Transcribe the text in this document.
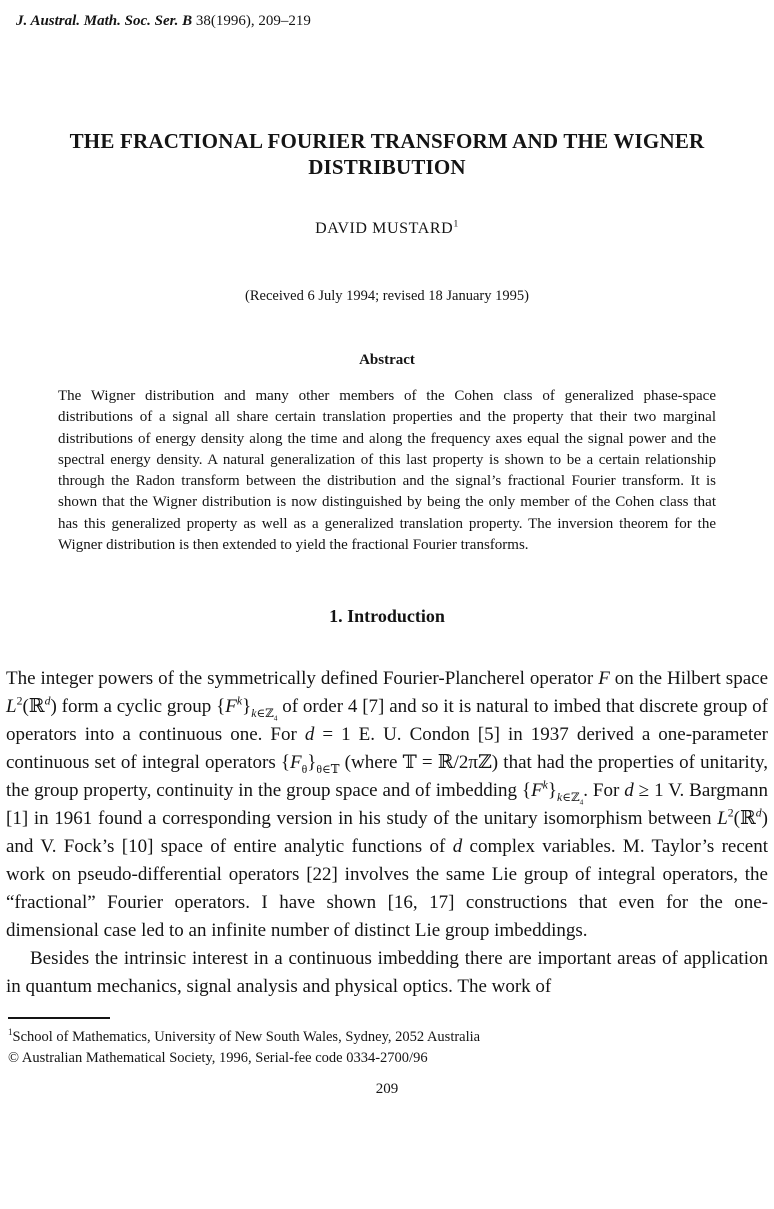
J. Austral. Math. Soc. Ser. B 38(1996), 209–219
THE FRACTIONAL FOURIER TRANSFORM AND THE WIGNER DISTRIBUTION
DAVID MUSTARD$^1$
(Received 6 July 1994; revised 18 January 1995)
Abstract
The Wigner distribution and many other members of the Cohen class of generalized phase-space distributions of a signal all share certain translation properties and the property that their two marginal distributions of energy density along the time and along the frequency axes equal the signal power and the spectral energy density. A natural generalization of this last property is shown to be a certain relationship through the Radon transform between the distribution and the signal’s fractional Fourier transform. It is shown that the Wigner distribution is now distinguished by being the only member of the Cohen class that has this generalized property as well as a generalized translation property. The inversion theorem for the Wigner distribution is then extended to yield the fractional Fourier transforms.
1. Introduction

The integer powers of the symmetrically defined Fourier-Plancherel operator F on the Hilbert space $L^2(ℝ^d)$ form a cyclic group $\{F^k\}_{k\in ℤ_4}$ of order 4 [7] and so it is natural to imbed that discrete group of operators into a continuous one. For d = 1 E. U. Condon [5] in 1937 derived a one-parameter continuous set of integral operators $\{F_\theta\}_{\theta\in 𝕋}$ (where 𝕋 = ℝ/2πℤ) that had the properties of unitarity, the group property, continuity in the group space and of imbedding $\{F^k\}_{k\in ℤ_4}$. For d ≥ 1 V. Bargmann [1] in 1961 found a corresponding version in his study of the unitary isomorphism between $L^2(ℝ^d)$ and V. Fock’s [10] space of entire analytic functions of d complex variables. M. Taylor’s recent work on pseudo-differential operators [22] involves the same Lie group of integral operators, the “fractional” Fourier operators. I have shown [16, 17] constructions that even for the one-dimensional case led to an infinite number of distinct Lie group imbeddings.

Besides the intrinsic interest in a continuous imbedding there are important areas of application in quantum mechanics, signal analysis and physical optics. The work of

$^1$School of Mathematics, University of New South Wales, Sydney, 2052 Australia
© Australian Mathematical Society, 1996, Serial-fee code 0334-2700/96
209
